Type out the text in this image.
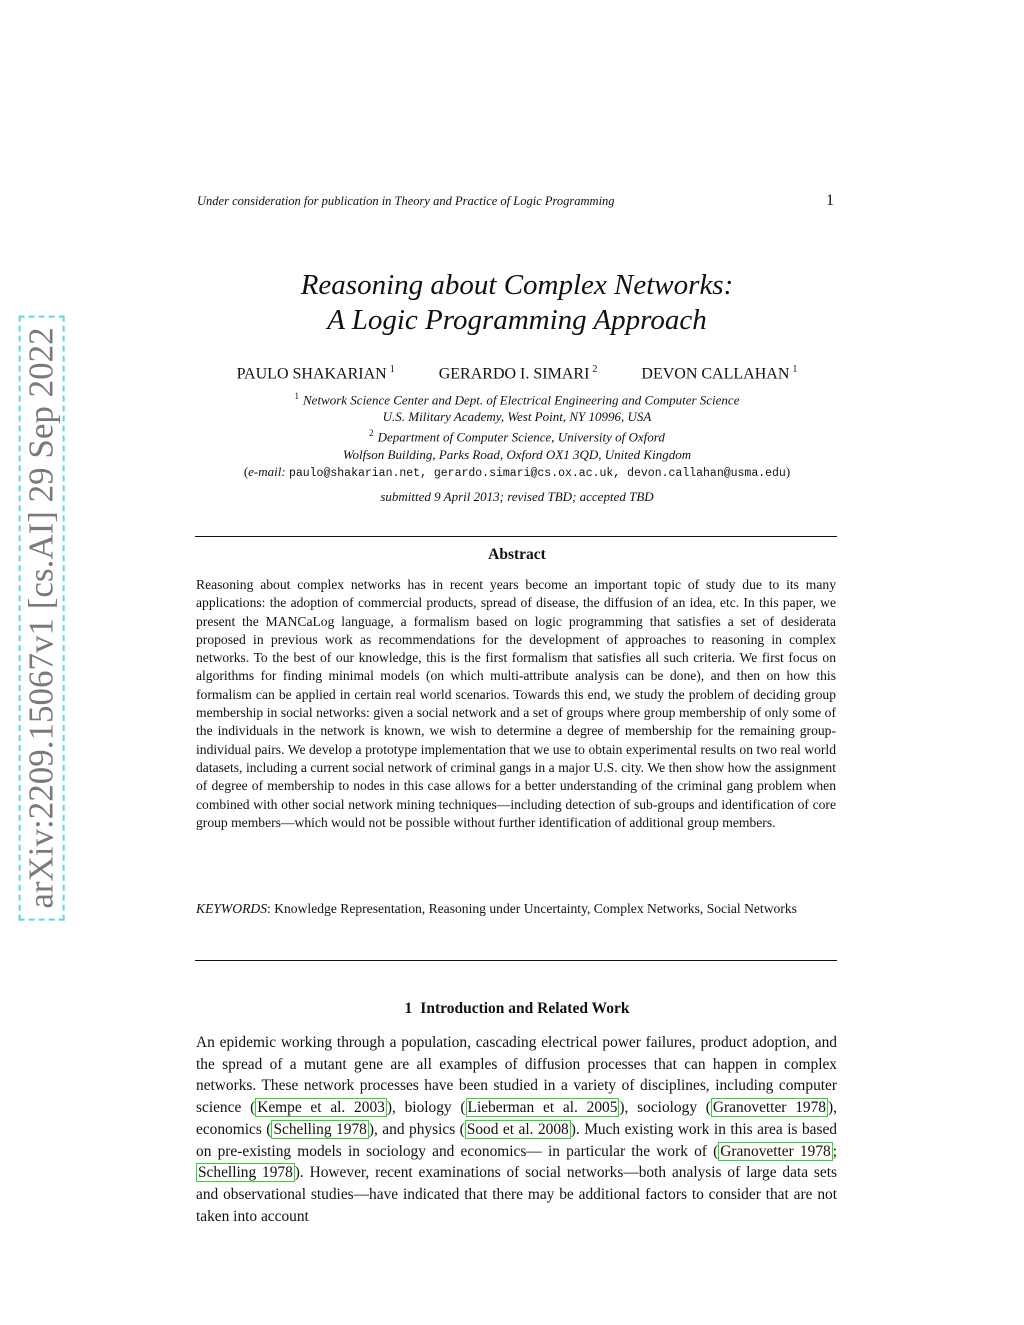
arXiv:2209.15067v1 [cs.AI] 29 Sep 2022
Under consideration for publication in Theory and Practice of Logic Programming	1
Reasoning about Complex Networks:
A Logic Programming Approach
PAULO SHAKARIAN $^1$	GERARDO I. SIMARI $^2$	DEVON CALLAHAN $^1$
$^1$ Network Science Center and Dept. of Electrical Engineering and Computer Science
U.S. Military Academy, West Point, NY 10996, USA
$^2$ Department of Computer Science, University of Oxford
Wolfson Building, Parks Road, Oxford OX1 3QD, United Kingdom
(e-mail: paulo@shakarian.net, gerardo.simari@cs.ox.ac.uk, devon.callahan@usma.edu)
submitted 9 April 2013; revised TBD; accepted TBD
Abstract
Reasoning about complex networks has in recent years become an important topic of study due to its many applications: the adoption of commercial products, spread of disease, the diffusion of an idea, etc. In this paper, we present the MANCaLog language, a formalism based on logic programming that satisfies a set of desiderata proposed in previous work as recommendations for the development of approaches to reasoning in complex networks. To the best of our knowledge, this is the first formalism that satisfies all such criteria. We first focus on algorithms for finding minimal models (on which multi-attribute analysis can be done), and then on how this formalism can be applied in certain real world scenarios. Towards this end, we study the problem of deciding group membership in social networks: given a social network and a set of groups where group membership of only some of the individuals in the network is known, we wish to determine a degree of membership for the remaining group-individual pairs. We develop a prototype implementation that we use to obtain experimental results on two real world datasets, including a current social network of criminal gangs in a major U.S. city. We then show how the assignment of degree of membership to nodes in this case allows for a better understanding of the criminal gang problem when combined with other social network mining techniques—including detection of sub-groups and identification of core group members—which would not be possible without further identification of additional group members.
KEYWORDS: Knowledge Representation, Reasoning under Uncertainty, Complex Networks, Social Networks
1 Introduction and Related Work
An epidemic working through a population, cascading electrical power failures, product adoption, and the spread of a mutant gene are all examples of diffusion processes that can happen in complex networks. These network processes have been studied in a variety of disciplines, including computer science ( Kempe et al. 2003 ), biology ( Lieberman et al. 2005 ), sociology ( Granovetter 1978 ), economics ( Schelling 1978 ), and physics ( Sood et al. 2008 ). Much existing work in this area is based on pre-existing models in sociology and economics— in particular the work of ( Granovetter 1978 ; Schelling 1978 ). However, recent examinations of social networks—both analysis of large data sets and observational studies—have indicated that there may be additional factors to consider that are not taken into account
